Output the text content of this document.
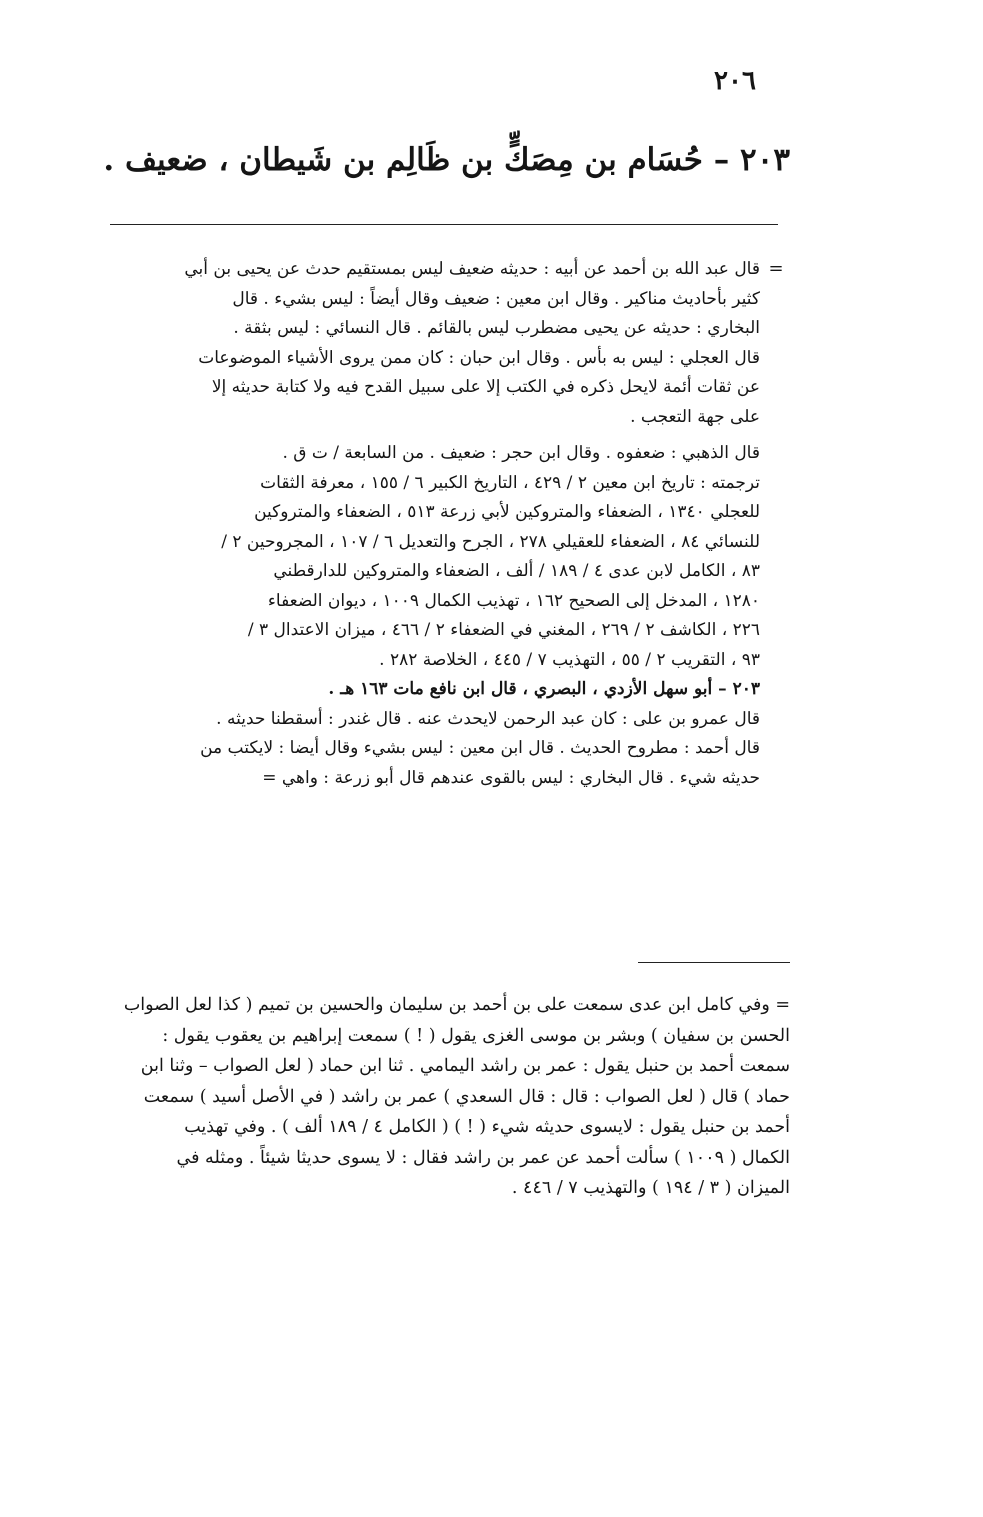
٢٠٦
٢٠٣ – حُسَام بن مِصَكٍّ بن ظَالِم بن شَيطان ، ضعيف .
=
قال عبد الله بن أحمد عن أبيه : حديثه ضعيف ليس بمستقيم حدث عن يحيى بن أبي
كثير بأحاديث مناكير . وقال ابن معين : ضعيف وقال أيضاً : ليس بشيء . قال
البخاري : حديثه عن يحيى مضطرب ليس بالقائم . قال النسائي : ليس بثقة .
قال العجلي : ليس به بأس . وقال ابن حبان : كان ممن يروى الأشياء الموضوعات
عن ثقات أئمة لايحل ذكره في الكتب إلا على سبيل القدح فيه ولا كتابة حديثه إلا
على جهة التعجب .
قال الذهبي : ضعفوه . وقال ابن حجر : ضعيف . من السابعة / ت ق .
ترجمته : تاريخ ابن معين ٢ / ٤٢٩ ، التاريخ الكبير ٦ / ١٥٥ ، معرفة الثقات
للعجلي ١٣٤٠ ، الضعفاء والمتروكين لأبي زرعة ٥١٣ ، الضعفاء والمتروكين
للنسائي ٨٤ ، الضعفاء للعقيلي ٢٧٨ ، الجرح والتعديل ٦ / ١٠٧ ، المجروحين ٢ /
٨٣ ، الكامل لابن عدى ٤ / ١٨٩ / ألف ، الضعفاء والمتروكين للدارقطني
١٢٨٠ ، المدخل إلى الصحيح ١٦٢ ، تهذيب الكمال ١٠٠٩ ، ديوان الضعفاء
٢٢٦ ، الكاشف ٢ / ٢٦٩ ، المغني في الضعفاء ٢ / ٤٦٦ ، ميزان الاعتدال ٣ /
٩٣ ، التقريب ٢ / ٥٥ ، التهذيب ٧ / ٤٤٥ ، الخلاصة ٢٨٢ .
٢٠٣ – أبو سهل الأزدي ، البصري ، قال ابن نافع مات ١٦٣ هـ .
قال عمرو بن على : كان عبد الرحمن لايحدث عنه . قال غندر : أسقطنا حديثه .
قال أحمد : مطروح الحديث . قال ابن معين : ليس بشيء وقال أيضا : لايكتب من
حديثه شيء . قال البخاري : ليس بالقوى عندهم قال أبو زرعة : واهي =
= وفي كامل ابن عدى سمعت على بن أحمد بن سليمان والحسين بن تميم ( كذا لعل الصواب
الحسن بن سفيان ) وبشر بن موسى الغزى يقول ( ! ) سمعت إبراهيم بن يعقوب يقول :
سمعت أحمد بن حنبل يقول : عمر بن راشد اليمامي . ثنا ابن حماد ( لعل الصواب – وثنا ابن
حماد ) قال ( لعل الصواب : قال : قال السعدي ) عمر بن راشد ( في الأصل أسيد ) سمعت
أحمد بن حنبل يقول : لايسوى حديثه شيء ( ! ) ( الكامل ٤ / ١٨٩ ألف ) . وفي تهذيب
الكمال ( ١٠٠٩ ) سألت أحمد عن عمر بن راشد فقال : لا يسوى حديثا شيئاً . ومثله في
الميزان ( ٣ / ١٩٤ ) والتهذيب ٧ / ٤٤٦ .
